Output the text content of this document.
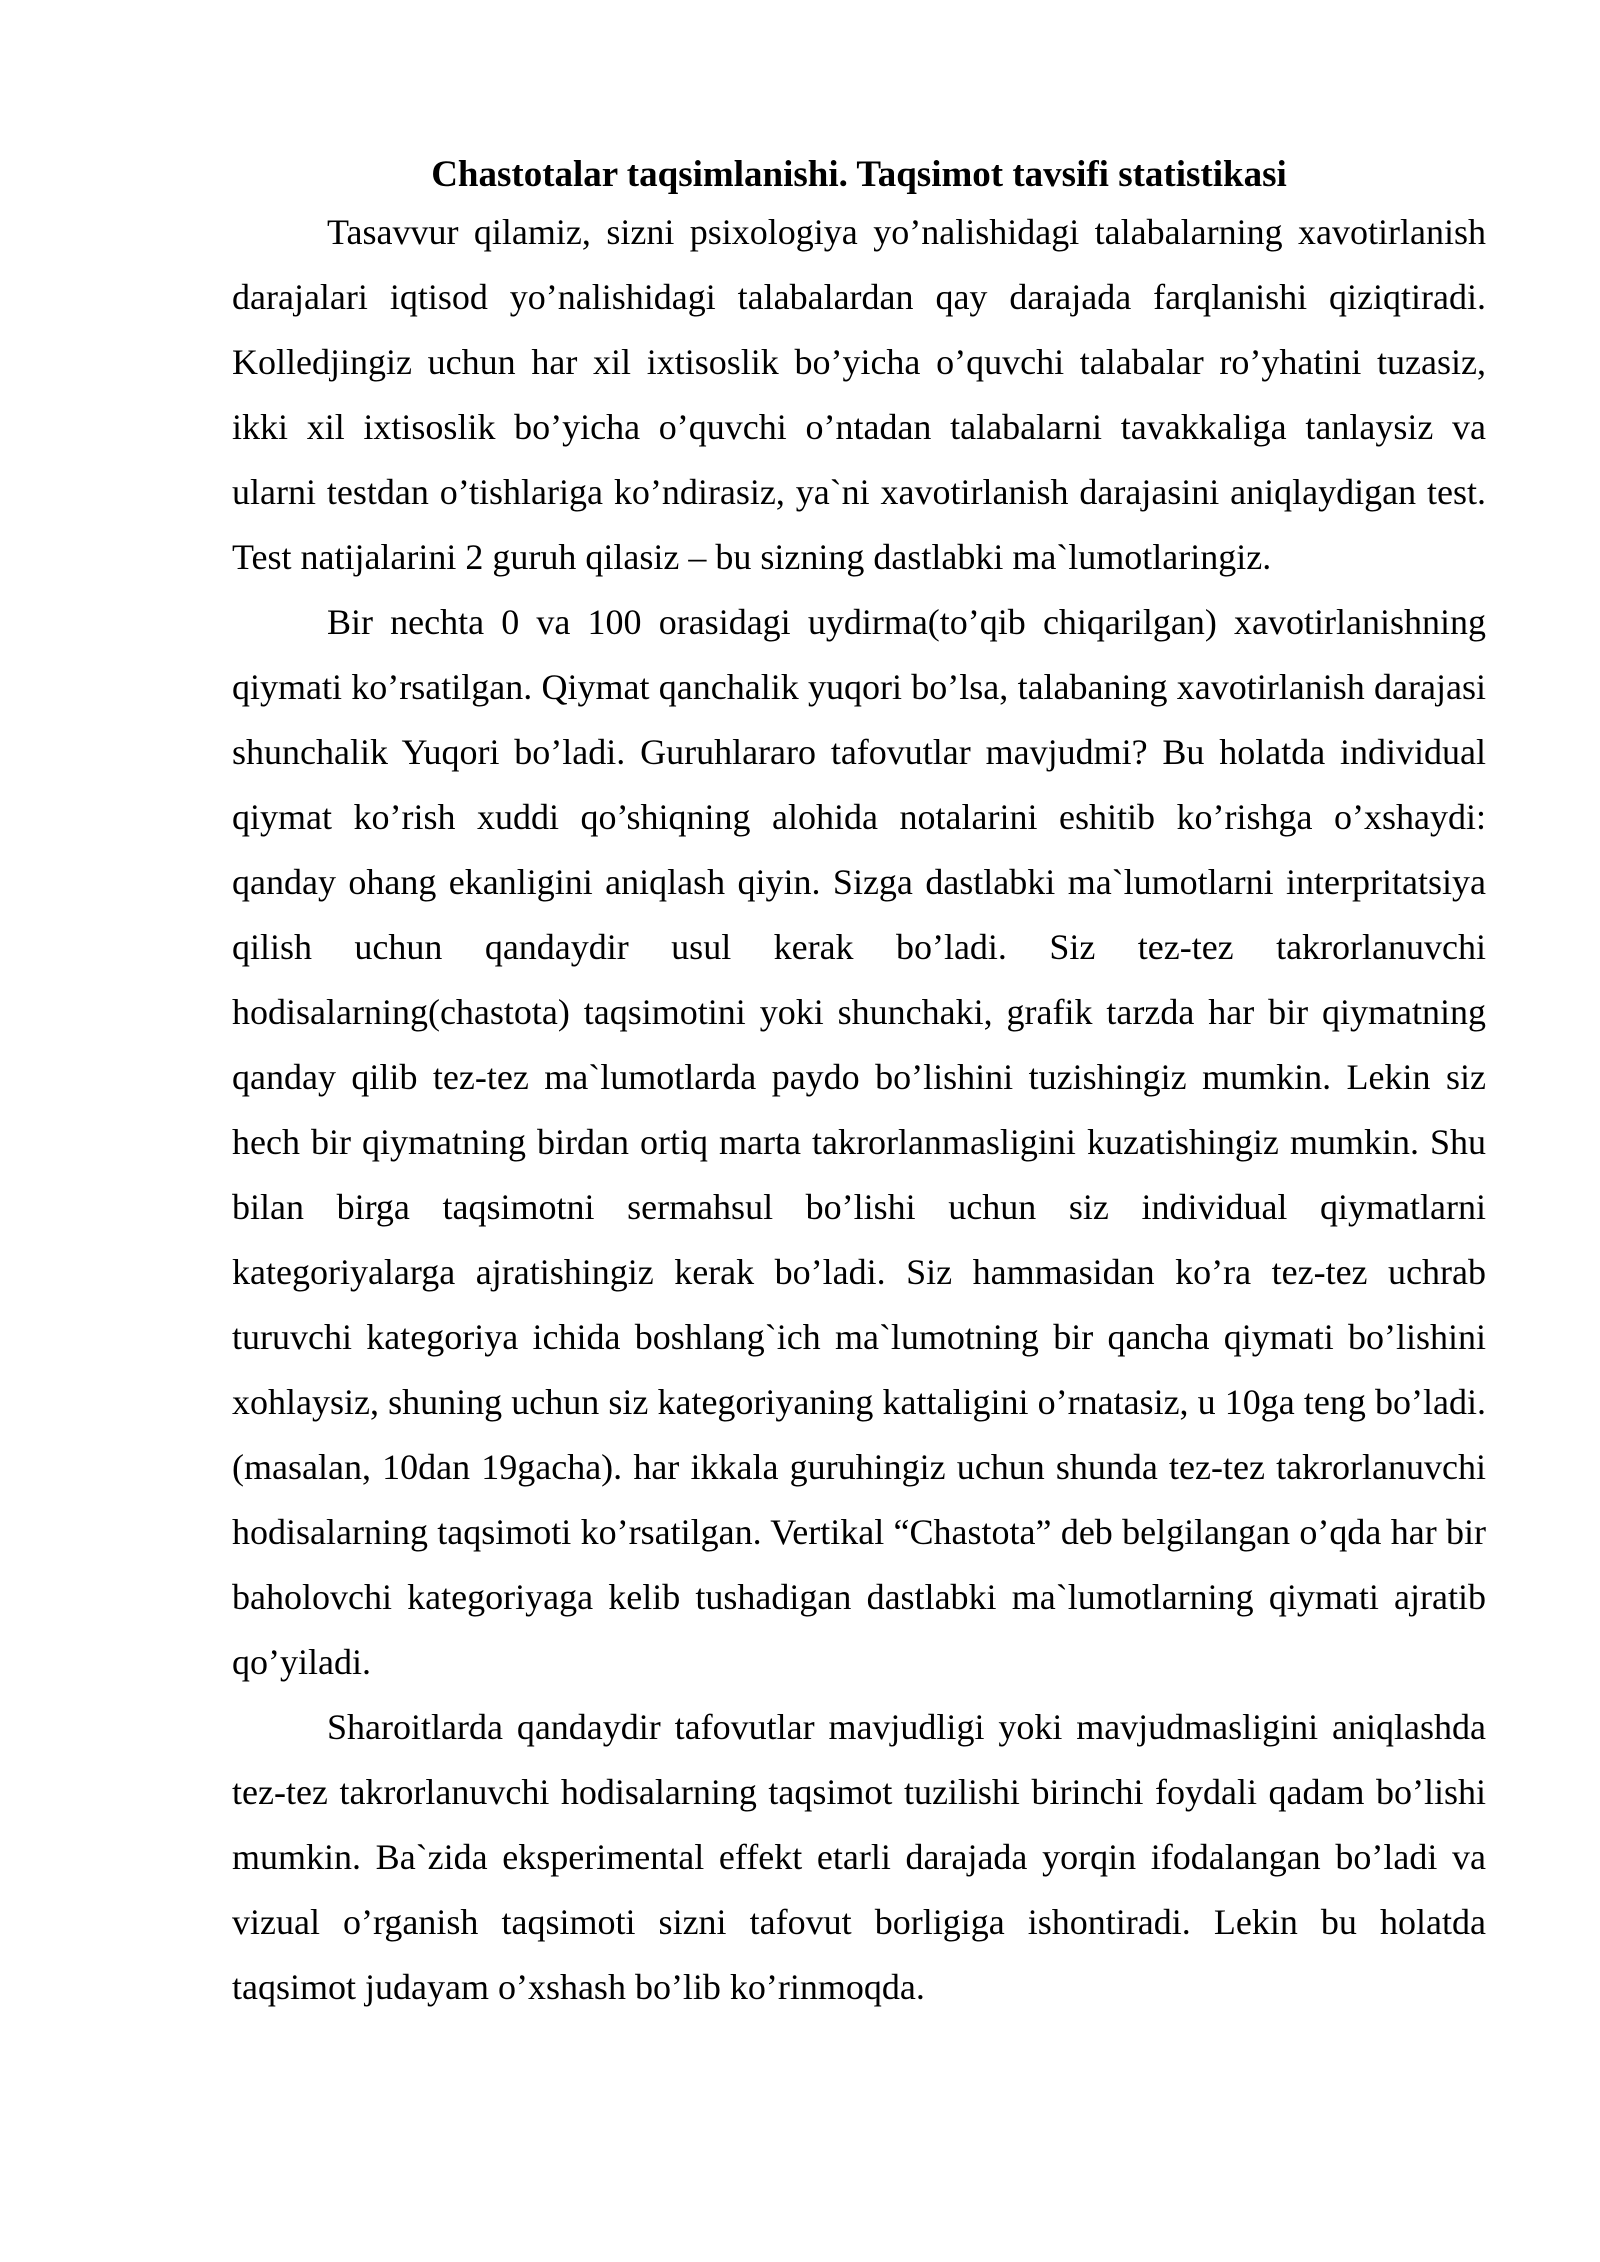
Chastotalar taqsimlanishi. Taqsimot tavsifi statistikasi

Tasavvur qilamiz, sizni psixologiya yo’nalishidagi talabalarning xavotirlanish darajalari iqtisod yo’nalishidagi talabalardan qay darajada farqlanishi qiziqtiradi. Kolledjingiz uchun har xil ixtisoslik bo’yicha o’quvchi talabalar ro’yhatini tuzasiz, ikki xil ixtisoslik bo’yicha o’quvchi o’ntadan talabalarni tavakkaliga tanlaysiz va ularni testdan o’tishlariga ko’ndirasiz, ya`ni xavotirlanish darajasini aniqlaydigan test. Test natijalarini 2 guruh qilasiz – bu sizning dastlabki ma`lumotlaringiz.

Bir nechta 0 va 100 orasidagi uydirma(to’qib chiqarilgan) xavotirlanishning qiymati ko’rsatilgan. Qiymat qanchalik yuqori bo’lsa, talabaning xavotirlanish darajasi shunchalik Yuqori bo’ladi. Guruhlararo tafovutlar mavjudmi? Bu holatda individual qiymat ko’rish xuddi qo’shiqning alohida notalarini eshitib ko’rishga o’xshaydi: qanday ohang ekanligini aniqlash qiyin. Sizga dastlabki ma`lumotlarni interpritatsiya qilish uchun qandaydir usul kerak bo’ladi. Siz tez-tez takrorlanuvchi hodisalarning(chastota) taqsimotini yoki shunchaki, grafik tarzda har bir qiymatning qanday qilib tez-tez ma`lumotlarda paydo bo’lishini tuzishingiz mumkin. Lekin siz hech bir qiymatning birdan ortiq marta takrorlanmasligini kuzatishingiz mumkin. Shu bilan birga taqsimotni sermahsul bo’lishi uchun siz individual qiymatlarni kategoriyalarga ajratishingiz kerak bo’ladi. Siz hammasidan ko’ra tez-tez uchrab turuvchi kategoriya ichida boshlang`ich ma`lumotning bir qancha qiymati bo’lishini xohlaysiz, shuning uchun siz kategoriyaning kattaligini o’rnatasiz, u 10ga teng bo’ladi. (masalan, 10dan 19gacha). har ikkala guruhingiz uchun shunda tez-tez takrorlanuvchi hodisalarning taqsimoti ko’rsatilgan. Vertikal “Chastota” deb belgilangan o’qda har bir baholovchi kategoriyaga kelib tushadigan dastlabki ma`lumotlarning qiymati ajratib qo’yiladi.

Sharoitlarda qandaydir tafovutlar mavjudligi yoki mavjudmasligini aniqlashda tez-tez takrorlanuvchi hodisalarning taqsimot tuzilishi birinchi foydali qadam bo’lishi mumkin. Ba`zida eksperimental effekt etarli darajada yorqin ifodalangan bo’ladi va vizual o’rganish taqsimoti sizni tafovut borligiga ishontiradi. Lekin bu holatda taqsimot judayam o’xshash bo’lib ko’rinmoqda.
